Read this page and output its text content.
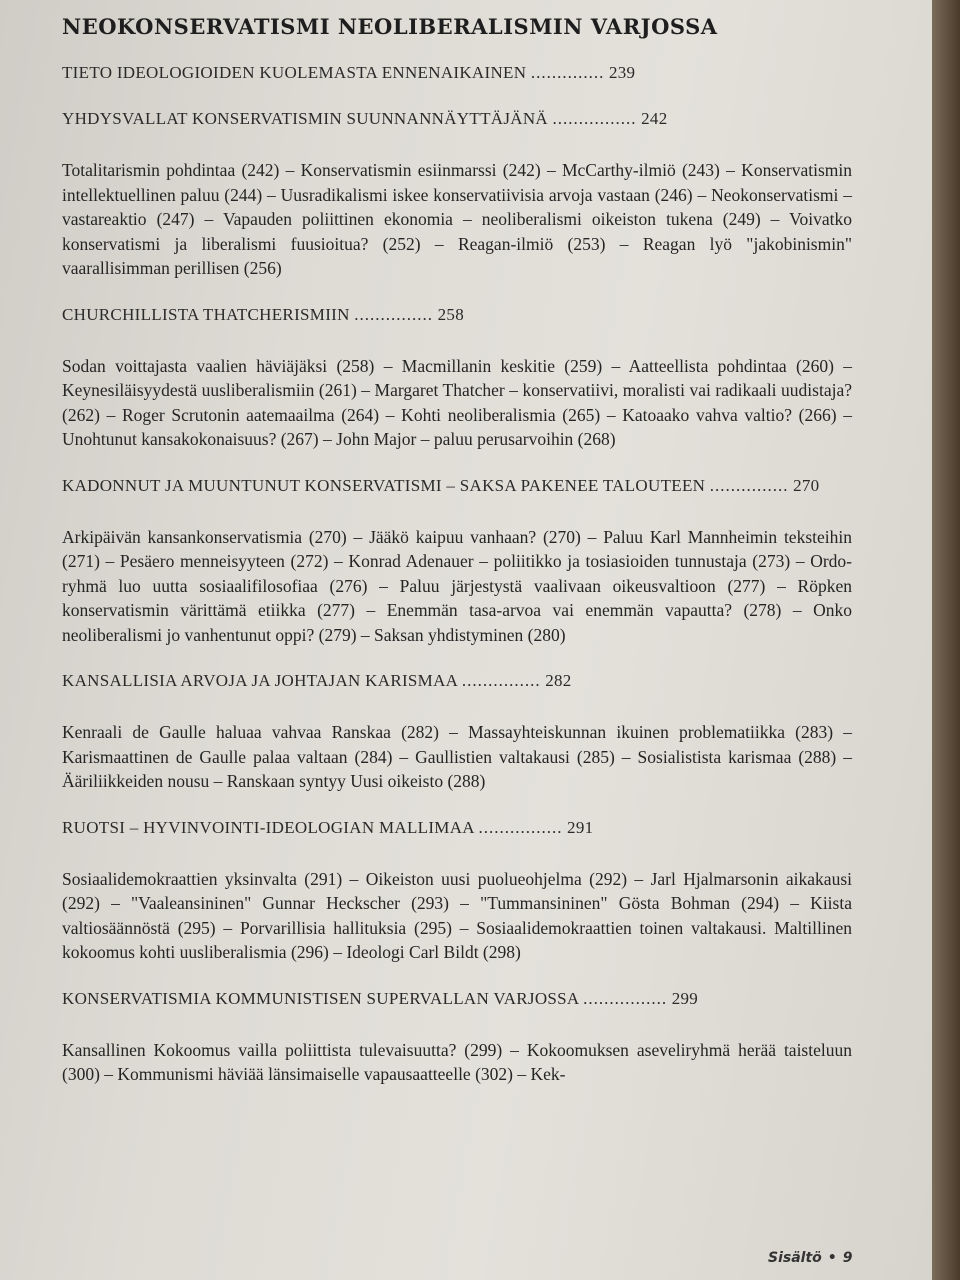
NEOKONSERVATISMI NEOLIBERALISMIN VARJOSSA

TIETO IDEOLOGIOIDEN KUOLEMASTA ENNENAIKAINEN .............. 239

YHDYSVALLAT KONSERVATISMIN SUUNNANNÄYTTÄJÄNÄ ................ 242

Totalitarismin pohdintaa (242) – Konservatismin esiinmarssi (242) – McCarthy-ilmiö (243) – Konservatismin intellektuellinen paluu (244) – Uusradikalismi iskee konservatiivisia arvoja vastaan (246) – Neokonservatismi – vastareaktio (247) – Vapauden poliittinen ekonomia – neoliberalismi oikeiston tukena (249) – Voivatko konservatismi ja liberalismi fuusioitua? (252) – Reagan-ilmiö (253) – Reagan lyö "jakobinismin" vaarallisimman perillisen (256)

CHURCHILLISTA THATCHERISMIIN ............... 258

Sodan voittajasta vaalien häviäjäksi (258) – Macmillanin keskitie (259) – Aatteellista pohdintaa (260) – Keynesiläisyydestä uusliberalismiin (261) – Margaret Thatcher – konservatiivi, moralisti vai radikaali uudistaja? (262) – Roger Scrutonin aatemaailma (264) – Kohti neoliberalismia (265) – Katoaako vahva valtio? (266) – Unohtunut kansakokonaisuus? (267) – John Major – paluu perusarvoihin (268)

KADONNUT JA MUUNTUNUT KONSERVATISMI – SAKSA PAKENEE TALOUTEEN ............... 270

Arkipäivän kansankonservatismia (270) – Jääkö kaipuu vanhaan? (270) – Paluu Karl Mannheimin teksteihin (271) – Pesäero menneisyyteen (272) – Konrad Adenauer – poliitikko ja tosiasioiden tunnustaja (273) – Ordo-ryhmä luo uutta sosiaalifilosofiaa (276) – Paluu järjestystä vaalivaan oikeusvaltioon (277) – Röpken konservatismin värittämä etiikka (277) – Enemmän tasa-arvoa vai enemmän vapautta? (278) – Onko neoliberalismi jo vanhentunut oppi? (279) – Saksan yhdistyminen (280)

KANSALLISIA ARVOJA JA JOHTAJAN KARISMAA ............... 282

Kenraali de Gaulle haluaa vahvaa Ranskaa (282) – Massayhteiskunnan ikuinen problematiikka (283) – Karismaattinen de Gaulle palaa valtaan (284) – Gaullistien valtakausi (285) – Sosialistista karismaa (288) – Ääriliikkeiden nousu – Ranskaan syntyy Uusi oikeisto (288)

RUOTSI – HYVINVOINTI-IDEOLOGIAN MALLIMAA ................ 291

Sosiaalidemokraattien yksinvalta (291) – Oikeiston uusi puolueohjelma (292) – Jarl Hjalmarsonin aikakausi (292) – "Vaaleansininen" Gunnar Heckscher (293) – "Tummansininen" Gösta Bohman (294) – Kiista valtiosäännöstä (295) – Porvarillisia hallituksia (295) – Sosiaalidemokraattien toinen valtakausi. Maltillinen kokoomus kohti uusliberalismia (296) – Ideologi Carl Bildt (298)

KONSERVATISMIA KOMMUNISTISEN SUPERVALLAN VARJOSSA ................ 299

Kansallinen Kokoomus vailla poliittista tulevaisuutta? (299) – Kokoomuksen aseveliryhmä herää taisteluun (300) – Kommunismi häviää länsimaiselle vapausaatteelle (302) – Kek-

Sisältö • 9
